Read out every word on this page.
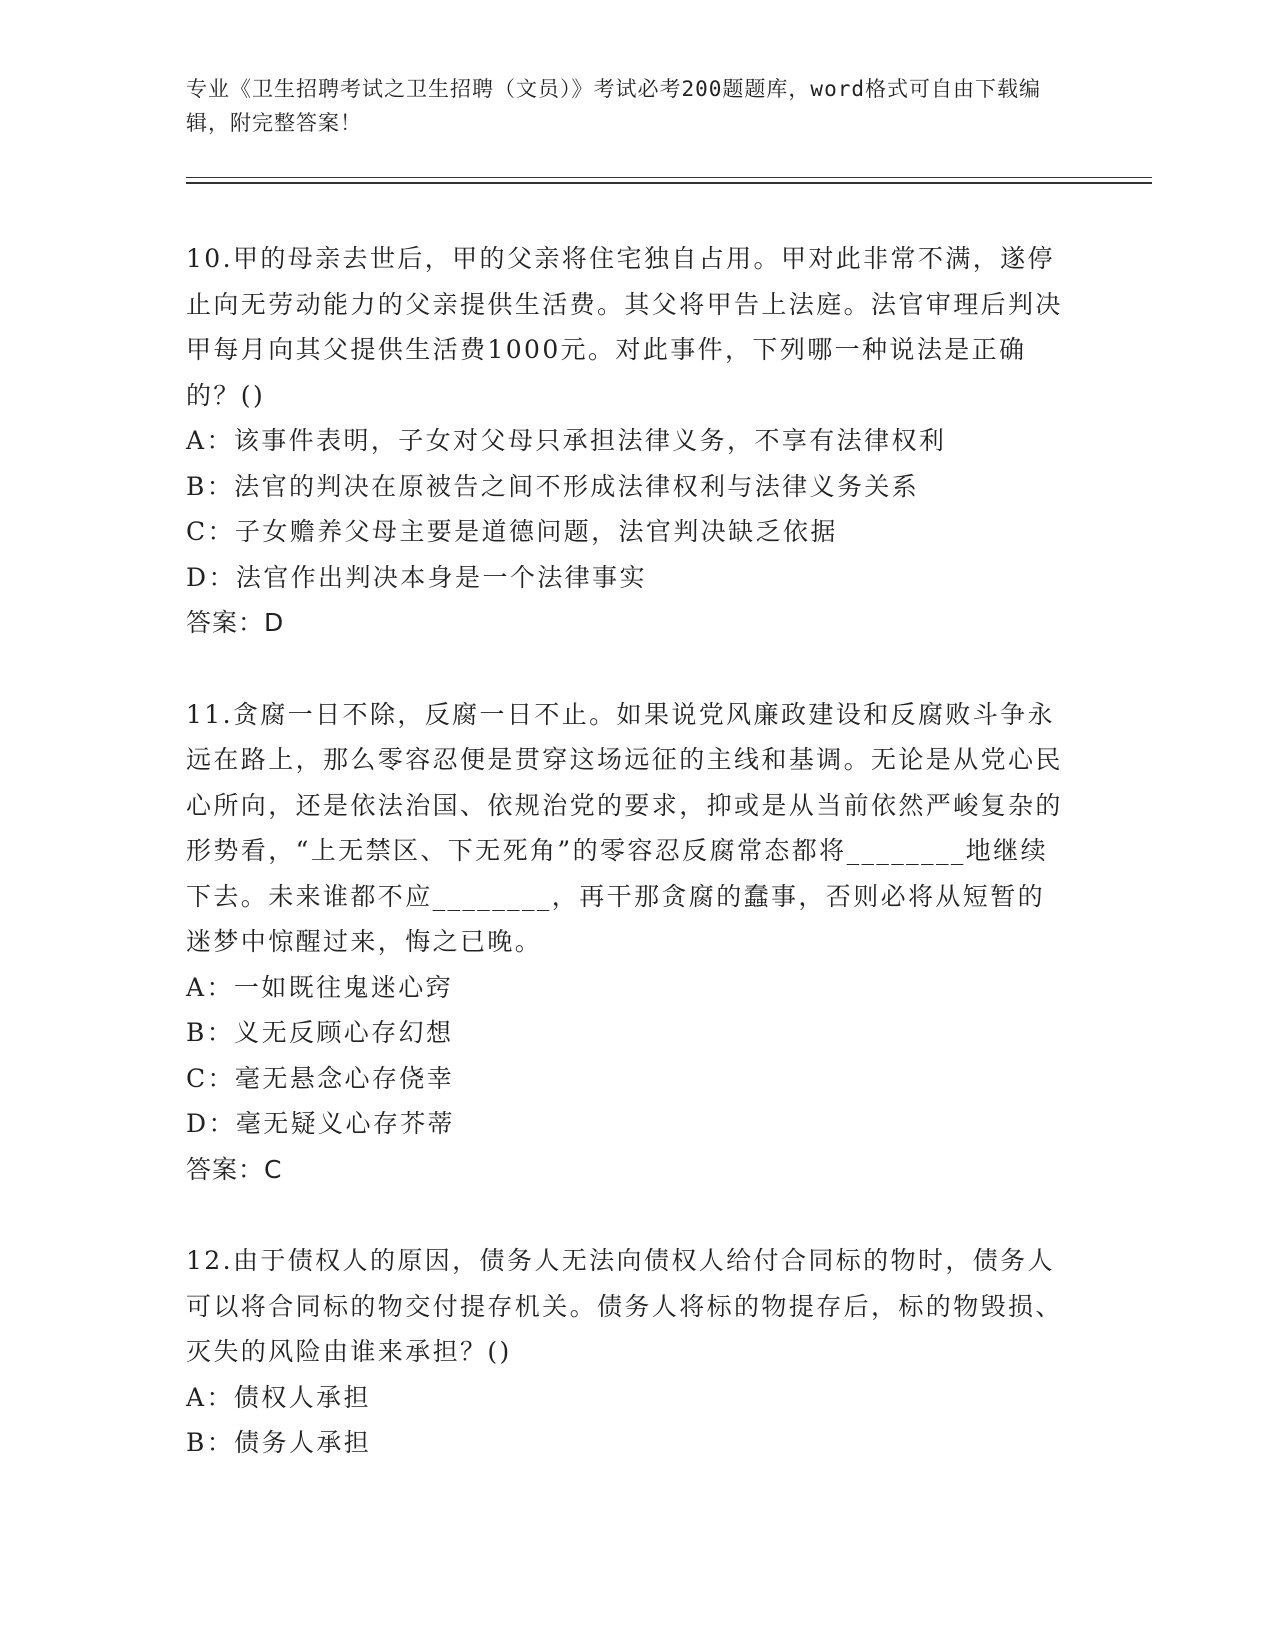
专业《卫生招聘考试之卫生招聘（文员）》考试必考200题题库，word格式可自由下载编辑，附完整答案！

10.甲的母亲去世后，甲的父亲将住宅独自占用。甲对此非常不满，遂停止向无劳动能力的父亲提供生活费。其父将甲告上法庭。法官审理后判决甲每月向其父提供生活费1000元。对此事件，下列哪一种说法是正确的？()

A：该事件表明，子女对父母只承担法律义务，不享有法律权利

B：法官的判决在原被告之间不形成法律权利与法律义务关系

C：子女赡养父母主要是道德问题，法官判决缺乏依据

D：法官作出判决本身是一个法律事实

答案：D

11.贪腐一日不除，反腐一日不止。如果说党风廉政建设和反腐败斗争永远在路上，那么零容忍便是贯穿这场远征的主线和基调。无论是从党心民心所向，还是依法治国、依规治党的要求，抑或是从当前依然严峻复杂的形势看，“上无禁区、下无死角”的零容忍反腐常态都将________地继续下去。未来谁都不应________，再干那贪腐的蠢事，否则必将从短暂的迷梦中惊醒过来，悔之已晚。

A：一如既往鬼迷心窍

B：义无反顾心存幻想

C：毫无悬念心存侥幸

D：毫无疑义心存芥蒂

答案：C

12.由于债权人的原因，债务人无法向债权人给付合同标的物时，债务人可以将合同标的物交付提存机关。债务人将标的物提存后，标的物毁损、灭失的风险由谁来承担？()

A：债权人承担

B：债务人承担
